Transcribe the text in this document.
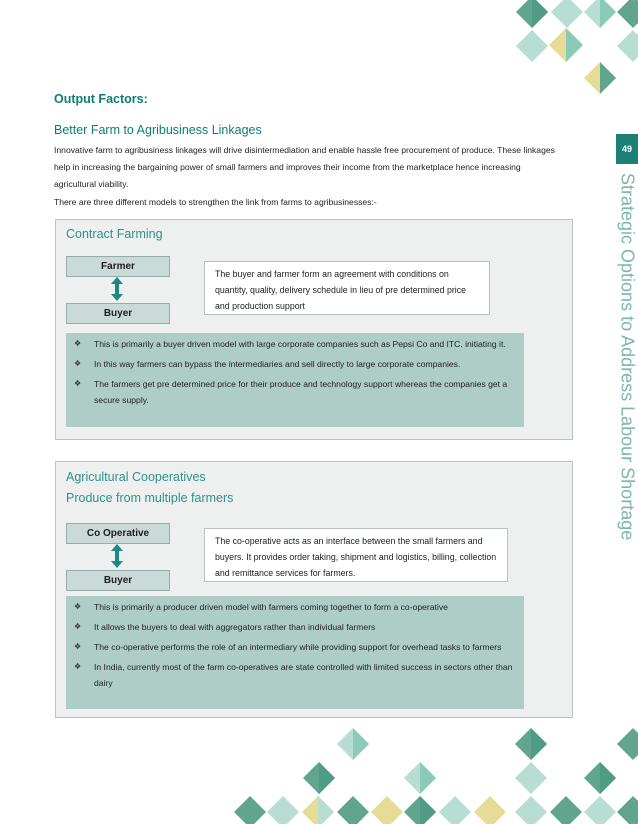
49
Strategic Options to Address Labour Shortage
Output Factors:
Better Farm to Agribusiness Linkages
Innovative farm to agribusiness linkages will drive disintermediation and enable hassle free procurement of produce. These linkages help in increasing the bargaining power of small farmers and improves their income from the marketplace hence increasing agricultural viability.
There are three different models to strengthen the link from farms to agribusinesses:-
Contract Farming
Farmer
Buyer
The buyer and farmer form an agreement with conditions on quantity, quality, delivery schedule in lieu of pre determined price and production support
❖ This is primarily a buyer driven model with large corporate companies such as Pepsi Co and ITC. initiating it.
❖ In this way farmers can bypass the intermediaries and sell directly to large corporate companies.
❖ The farmers get pre determined price for their produce and technology support whereas the companies get a secure supply.
Agricultural Cooperatives
Produce from multiple farmers
Co Operative
Buyer
The co-operative acts as an interface between the small farmers and buyers. It provides order taking, shipment and logistics, billing, collection and remittance services for farmers.
❖ This is primarily a producer driven model with farmers coming together to form a co-operative
❖ It allows the buyers to deal with aggregators rather than individual farmers
❖ The co-operative performs the role of an intermediary while providing support for overhead tasks to farmers
❖ In India, currently most of the farm co-operatives are state controlled with limited success in sectors other than dairy
